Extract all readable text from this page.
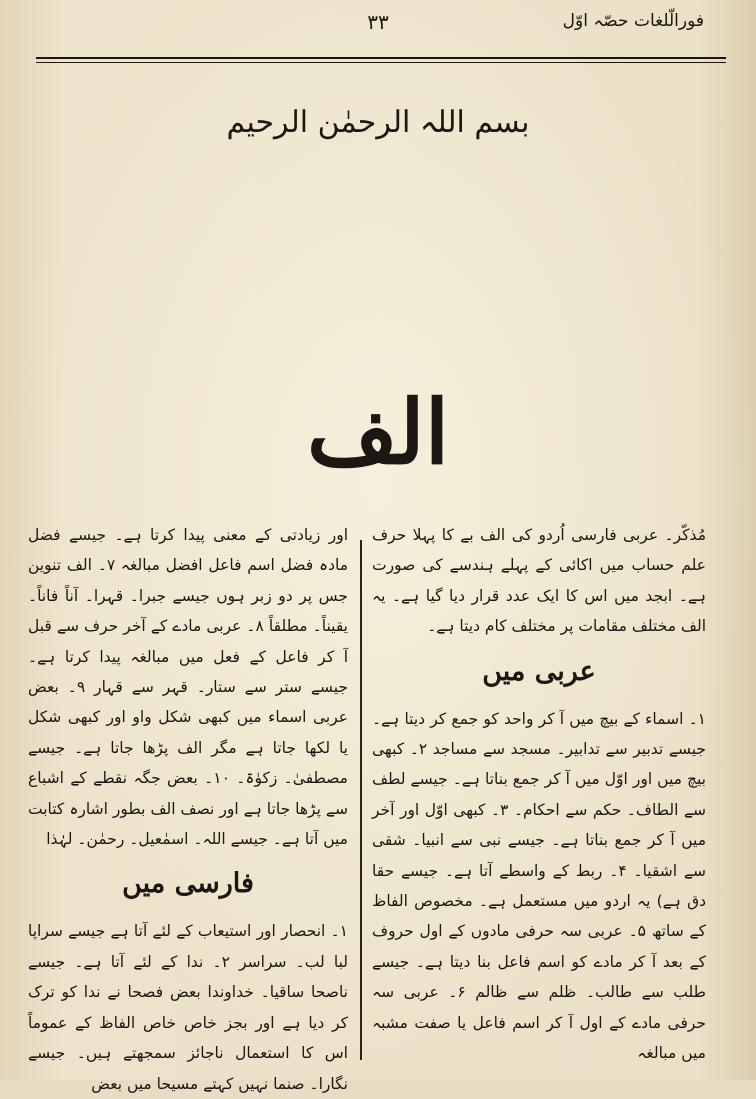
فورالّلغات حصّہ اوّل
۳۳
بسم اللہ الرحمٰن الرحیم
الف

مُذکّر۔ عربی فارسی اُردو کی الف بے کا پہلا حرف علم حساب میں اکائی کے پہلے ہندسے کی صورت ہے۔ ابجد میں اس کا ایک عدد قرار دیا گیا ہے۔ یہ الف مختلف مقامات پر مختلف کام دیتا ہے۔

عربی میں

۱۔ اسماء کے بیچ میں آ کر واحد کو جمع کر دیتا ہے۔ جیسے تدبیر سے تدابیر۔ مسجد سے مساجد ۲۔ کبھی بیچ میں اور اوّل میں آ کر جمع بناتا ہے۔ جیسے لطف سے الطاف۔ حکم سے احکام۔ ۳۔ کبھی اوّل اور آخر میں آ کر جمع بناتا ہے۔ جیسے نبی سے انبیا۔ شقی سے اشقیا۔ ۴۔ ربط کے واسطے آتا ہے۔ جیسے حقا دق ہے) یہ اردو میں مستعمل ہے۔ مخصوص الفاظ کے ساتھ ۵۔ عربی سہ حرفی مادوں کے اول حروف کے بعد آ کر مادے کو اسم فاعل بنا دیتا ہے۔ جیسے طلب سے طالب۔ ظلم سے ظالم ۶۔ عربی سہ حرفی مادے کے اول آ کر اسم فاعل یا صفت مشبہ میں مبالغہ

اور زیادتی کے معنی پیدا کرتا ہے۔ جیسے فضل مادہ فضل اسم فاعل افضل مبالغہ ۷۔ الف تنوین جس پر دو زبر ہوں جیسے جبرا۔ قہرا۔ آناً فاناً۔ یقیناً۔ مطلقاً ۸۔ عربی مادے کے آخر حرف سے قبل آ کر فاعل کے فعل میں مبالغہ پیدا کرتا ہے۔ جیسے ستر سے ستار۔ قہر سے قہار ۹۔ بعض عربی اسماء میں کبھی شکل واو اور کبھی شکل یا لکھا جاتا ہے مگر الف پڑھا جاتا ہے۔ جیسے مصطفیٰ۔ زکوٰۃ۔ ۱۰۔ بعض جگہ نقطے کے اشباع سے پڑھا جاتا ہے اور نصف الف بطور اشارہ کتابت میں آتا ہے۔ جیسے اللہ۔ اسمٰعیل۔ رحمٰن۔ لہٰذا

فارسی میں

۱۔ انحصار اور استیعاب کے لئے آتا ہے جیسے سراپا لبا لب۔ سراسر ۲۔ ندا کے لئے آتا ہے۔ جیسے ناصحا ساقیا۔ خداوندا بعض فصحا نے ندا کو ترک کر دیا ہے اور بجز خاص خاص الفاظ کے عموماً اس کا استعمال ناجائز سمجھتے ہیں۔ جیسے نگارا۔ صنما نہیں کہتے مسیحا میں بعض
